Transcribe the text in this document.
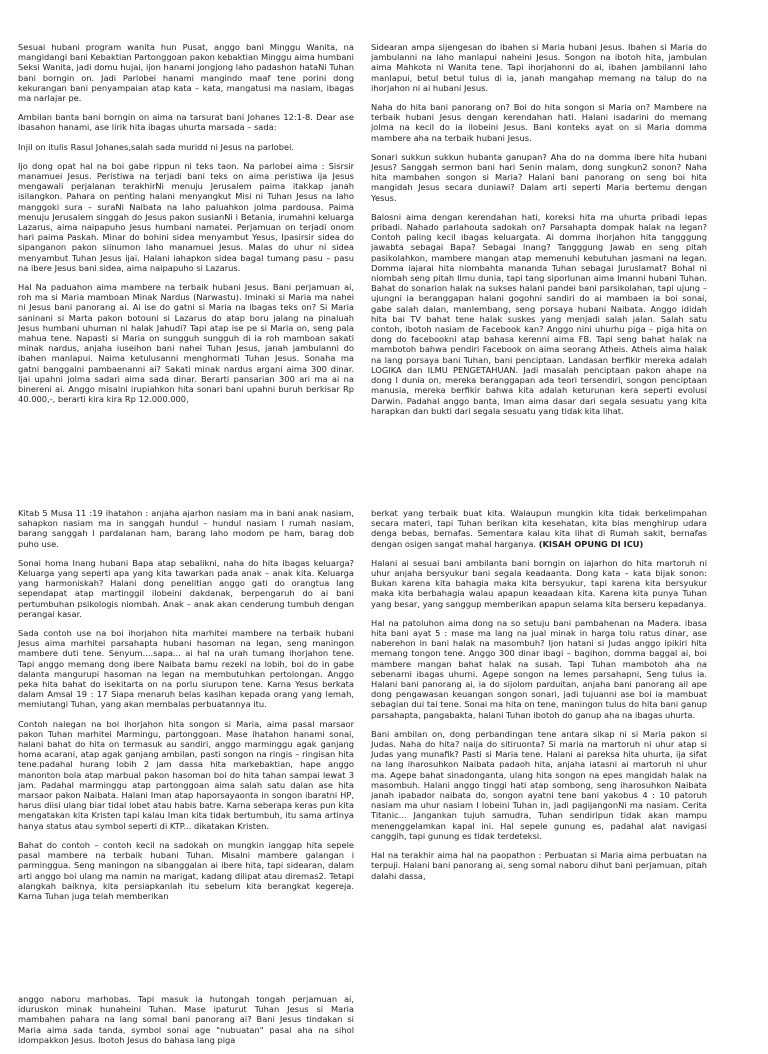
Sesuai hubani program wanita hun Pusat, anggo bani Minggu Wanita, na mangidangi bani Kebaktian Partonggoan pakon kebaktian Minggu aima humbani Seksi Wanita, jadi domu hujai, ijon hanami jongjong laho padashon hataNi Tuhan bani borngin on. Jadi Parlobei hanami mangindo maaf tene porini dong kekurangan bani penyampaian atap kata – kata, mangatusi ma nasiam, ibagas ma narlajar pe.

Ambilan banta bani borngin on aima na tarsurat bani Johanes 12:1-8. Dear ase ibasahon hanami, ase lirik hita ibagas uhurta marsada – sada:

Injil on itulis Rasul Johanes,salah sada muridd ni Jesus na parlobei.

Ijo dong opat hal na boi gabe rippun ni teks taon. Na parlobei aima : Sisrsir manamuei Jesus. Peristiwa na terjadi bani teks on aima peristiwa ija Jesus mengawali perjalanan terakhirNi menuju Jerusalem paima itakkap janah isilangkon. Pahara on penting halani menyangkut Misi ni Tuhan Jesus na laho manggoki sura – suraNi Naibata na laho paluahkon jolma pardousa. Paima menuju Jerusalem singgah do Jesus pakon susianNi i Betania, irumahni keluarga Lazarus, aima naipapuho Jesus humbani namatei. Perjamuan on terjadi onom hari paima Paskah. Minar do bohini sidea menyambut Yesus, Ipasirsir sidea do sipanganon pakon siinumon laho manamuei Jesus. Malas do uhur ni sidea menyambut Tuhan Jesus ijai. Halani iahapkon sidea bagal tumang pasu – pasu na ibere Jesus bani sidea, aima naipapuho si Lazarus.

Hal Na paduahon aima mambere na terbaik hubani Jesus. Bani perjamuan ai, roh ma si Maria mamboan Minak Nardus (Narwastu). Iminaki si Maria ma nahei ni Jesus bani panorang ai. Ai ise do gatni si Maria na ibagas teks on? Si Maria saninani si Marta pakon botouni si Lazarus do atap boru jalang na pinaluah Jesus humbani uhuman ni halak Jahudi? Tapi atap ise pe si Maria on, seng pala mahua tene. Napasti si Maria on sungguh sungguh di ia roh mamboan sakati minak nardus, anjaha iuseihon bani nahei Tuhan Jesus, janah jambulanni do ibahen manlapui. Naima ketulusanni menghormati Tuhan Jesus. Sonaha ma gatni banggalni pambaenanni ai? Sakati minak nardus argani aima 300 dinar. Ijai upahni jolma sadari aima sada dinar. Berarti pansarian 300 ari ma ai na binereni ai. Anggo misalni irupiahkon hita sonari bani upahni buruh berkisar Rp 40.000,-, berarti kira kira Rp 12.000.000,

Sidearan ampa sijengesan do ibahen si Maria hubani Jesus. Ibahen si Maria do jambulanni na laho manlapui naheini Jesus. Songon na ibotoh hita, jambulan aima Mahkota ni Wanita tene. Tapi ihorjahonni do ai, ibahen jambilanni laho manlapui, betul betul tulus di ia, janah mangahap memang na talup do na ihorjahon ni ai hubani Jesus.

Naha do hita bani panorang on? Boi do hita songon si Maria on? Mambere na terbaik hubani Jesus dengan kerendahan hati. Halani isadarini do memang jolma na kecil do ia ilobeini Jesus. Bani konteks ayat on si Maria domma mambere aha na terbaik hubani Jesus.

Sonari sukkun sukkun hubanta ganupan? Aha do na domma ibere hita hubani Jesus? Sanggah sermon bani hari Senin malam, dong sungkun2 sonon? Naha hita mambahen songon si Maria? Halani bani panorang on seng boi hita mangidah Jesus secara duniawi? Dalam arti seperti Maria bertemu dengan Yesus.

Balosni aima dengan kerendahan hati, koreksi hita ma uhurta pribadi lepas pribadi. Nahado parlahouta sadokah on? Parsahapta dompak halak na legan? Contoh paling kecil ibagas keluargata. Ai domma ihorjahon hita tangggung jawabta sebagai Bapa? Sebagai Inang? Tangggung Jawab en seng pitah pasikolahkon, mambere mangan atap memenuhi kebutuhan jasmani na legan. Domma iajarai hita niombahta mananda Tuhan sebagai Juruslamat? Bohal ni niombah seng pitah Ilmu dunia, tapi tang siporlunan aima Imanni hubani Tuhan. Bahat do sonarion halak na sukses halani pandei bani parsikolahan, tapi ujung – ujungni ia beranggapan halani gogohni sandiri do ai mambaen ia boi sonai, gabe salah dalan, manlembang, seng porsaya hubani Naibata. Anggo ididah hita bai TV bahat tene halak suskes yang menjadi salah jalan. Salah satu contoh, ibotoh nasiam de Facebook kan? Anggo nini uhurhu piga – piga hita on dong do facebookni atap bahasa kerenni aima FB. Tapi seng bahat halak na mambotoh bahwa pendiri Facebook on aima seorang Atheis. Atheis aima halak na lang porsaya bani Tuhan, bani penciptaan. Landasan berfikir mereka adalah LOGIKA dan ILMU PENGETAHUAN. Jadi masalah penciptaan pakon ahape na dong I dunia on, mereka beranggapan ada teori tersendiri, songon penciptaan manusia, mereka berfikir bahwa kita adalah keturunan kera seperti evolusi Darwin. Padahal anggo banta, Iman aima dasar dari segala sesuatu yang kita harapkan dan bukti dari segala sesuatu yang tidak kita lihat.

Kitab 5 Musa 11 :19 ihatahon : anjaha ajarhon nasiam ma in bani anak nasiam, sahapkon nasiam ma in sanggah hundul – hundul nasiam I rumah nasiam, barang sanggah I pardalanan ham, barang laho modom pe ham, barag dob puho use.

Sonai homa Inang hubani Bapa atap sebalikni, naha do hita ibagas keluarga? Keluarga yang seperti apa yang kita tawarkan pada anak – anak kita. Keluarga yang harmoniskah? Halani dong penelitian anggo gati do orangtua lang sependapat atap martinggil ilobeini dakdanak, berpengaruh do ai bani pertumbuhan psikologis niombah. Anak – anak akan cenderung tumbuh dengan perangai kasar.

Sada contoh use na boi ihorjahon hita marhitei mambere na terbaik hubani Jesus aima marhitei parsahapta hubani hasoman na legan, seng maningon mambere duti tene. Senyum....sapa... ai hal na urah tumang ihorjahon tene. Tapi anggo memang dong ibere Naibata bamu rezeki na lobih, boi do in gabe dalanta mangurupi hasoman na legan na membutuhkan pertolongan. Anggo peka hita bahat do isekitarta on na porlu siurupon tene. Karna Yesus berkata dalam Amsal 19 : 17 Siapa menaruh belas kasihan kepada orang yang lemah, memiutangi Tuhan, yang akan membalas perbuatannya itu.

Contoh nalegan na boi ihorjahon hita songon si Maria, aima pasal marsaor pakon Tuhan marhitei Marmingu, partonggoan. Mase ihatahon hanami sonai, halani bahat do hita on termasuk au sandiri, anggo marminggu agak ganjang homa acarani, atap agak ganjang ambilan, pasti songon na ringis – ringisan hita tene.padahal hurang lobih 2 jam dassa hita markebaktian, hape anggo manonton bola atap marbual pakon hasoman boi do hita tahan sampai lewat 3 jam. Padahal marminggu atap partonggoan aima salah satu dalan ase hita marsaor pakon Naibata. Halani Iman atap haporsayaonta in songon ibaratni HP, harus diisi ulang biar tidal lobet atau habis batre. Karna seberapa keras pun kita mengatakan kita Kristen tapi kalau Iman kita tidak bertumbuh, itu sama artinya hanya status atau symbol seperti di KTP... dikatakan Kristen.

Bahat do contoh – contoh kecil na sadokah on mungkin ianggap hita sepele pasal mambere na terbaik hubani Tuhan. Misalni mambere galangan i parminggua. Seng maningon na sibanggalan ai ibere hita, tapi sidearan, dalam arti anggo boi ulang ma namin na marigat, kadang dilipat atau diremas2. Tetapi alangkah baiknya, kita persiapkanlah itu sebelum kita berangkat kegereja. Karna Tuhan juga telah memberikan

berkat yang terbaik buat kita. Walaupun mungkin kita tidak berkelimpahan secara materi, tapi Tuhan berikan kita kesehatan, kita bias menghirup udara denga bebas, bernafas. Sementara kalau kita lihat di Rumah sakit, bernafas dengan osigen sangat mahal harganya. (KISAH OPUNG DI ICU)

Halani ai sesuai bani ambilanta bani borngin on iajarhon do hita martoruh ni uhur anjaha bersyukur bani segala keadaanta. Dong kata – kata bijak sonon: Bukan karena kita bahagia maka kita bersyukur, tapi karena kita bersyukur maka kita berbahagia walau apapun keaadaan kita. Karena kita punya Tuhan yang besar, yang sanggup memberikan apapun selama kita berseru kepadanya.

Hal na patoluhon aima dong na so setuju bani pambahenan na Madera. ibasa hita bani ayat 5 : mase ma lang na jual minak in harga tolu ratus dinar, ase naberehon in bani halak na masombuh? Ijon hatani si Judas anggo ipikiri hita memang tongon tene. Anggo 300 dinar ibagi – bagihon, domma baggal ai, boi mambere mangan bahat halak na susah. Tapi Tuhan mambotoh aha na sebenarni ibagas uhurni. Agepe songon na lemes parsahapni, Seng tulus ia. Halani bani panorang ai, ia do sijolom parduitan, anjaha bani panorang ail ape dong pengawasan keuangan songon sonari, jadi tujuanni ase boi ia mambuat sebagian dui tai tene. Sonai ma hita on tene, maningon tulus do hita bani ganup parsahapta, pangabakta, halani Tuhan ibotoh do ganup aha na ibagas uhurta.

Bani ambilan on, dong perbandingan tene antara sikap ni si Maria pakon si Judas. Naha do hita? naija do sitiruonta? Si maria na martoruh ni uhur atap si Judas yang munafik? Pasti si Maria tene. Halani ai pareksa hita uhurta, ija sifat na lang iharosuhkon Naibata padaoh hita, anjaha iatasni ai martoruh ni uhur ma. Agepe bahat sinadonganta, ulang hita songon na epes mangidah halak na masombuh. Halani anggo tinggi hati atap sombong, seng iharosuhkon Naibata janah ipabador naibata do, songon ayatni tene bani yakobus 4 : 10 patoruh nasiam ma uhur nasiam I lobeini Tuhan in, jadi pagijangonNi ma nasiam. Cerita Titanic... Jangankan tujuh samudra, Tuhan sendiripun tidak akan mampu menenggelamkan kapal ini. Hal sepele gunung es, padahal alat navigasi canggih, tapi gunung es tidak terdeteksi.

Hal na terakhir aima hal na paopathon : Perbuatan si Maria aima perbuatan na terpuji. Halani bani panorang ai, seng somal naboru dihut bani perjamuan, pitah dalahi dassa,

anggo naboru marhobas. Tapi masuk ia hutongah tongah perjamuan ai, iduruskon minak hunaheini Tuhan. Mase ipaturut Tuhan Jesus si Maria mambahen pahara na lang somal bani panorang ai? Bani Jesus tindakan si Maria aima sada tanda, symbol sonai age "nubuatan" pasal aha na sihol idompakkon Jesus. Ibotoh Jesus do bahasa lang piga
